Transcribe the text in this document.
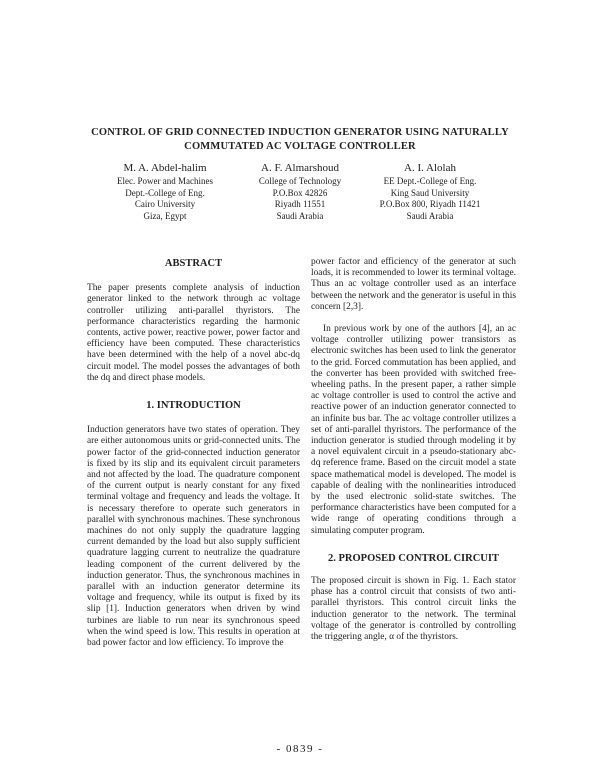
CONTROL OF GRID CONNECTED INDUCTION GENERATOR USING NATURALLY
COMMUTATED AC VOLTAGE CONTROLLER
M. A. Abdel-halim
Elec. Power and Machines
Dept.-College of Eng.
Cairo University
Giza, Egypt
A. F. Almarshoud
College of Technology
P.O.Box 42826
Riyadh 11551
Saudi Arabia
A. I. Alolah
EE Dept.-College of Eng.
King Saud University
P.O.Box 800, Riyadh 11421
Saudi Arabia

ABSTRACT

The paper presents complete analysis of induction generator linked to the network through ac voltage controller utilizing anti-parallel thyristors. The performance characteristics regarding the harmonic contents, active power, reactive power, power factor and efficiency have been computed. These characteristics have been determined with the help of a novel abc-dq circuit model. The model posses the advantages of both the dq and direct phase models.

1. INTRODUCTION

Induction generators have two states of operation. They are either autonomous units or grid-connected units. The power factor of the grid-connected induction generator is fixed by its slip and its equivalent circuit parameters and not affected by the load. The quadrature component of the current output is nearly constant for any fixed terminal voltage and frequency and leads the voltage. It is necessary therefore to operate such generators in parallel with synchronous machines. These synchronous machines do not only supply the quadrature lagging current demanded by the load but also supply sufficient quadrature lagging current to neutralize the quadrature leading component of the current delivered by the induction generator. Thus, the synchronous machines in parallel with an induction generator determine its voltage and frequency, while its output is fixed by its slip [1]. Induction generators when driven by wind turbines are liable to run near its synchronous speed when the wind speed is low. This results in operation at bad power factor and low efficiency. To improve the

power factor and efficiency of the generator at such loads, it is recommended to lower its terminal voltage. Thus an ac voltage controller used as an interface between the network and the generator is useful in this concern [2,3].

In previous work by one of the authors [4], an ac voltage controller utilizing power transistors as electronic switches has been used to link the generator to the grid. Forced commutation has been applied, and the converter has been provided with switched free-wheeling paths. In the present paper, a rather simple ac voltage controller is used to control the active and reactive power of an induction generator connected to an infinite bus bar. The ac voltage controller utilizes a set of anti-parallel thyristors. The performance of the induction generator is studied through modeling it by a novel equivalent circuit in a pseudo-stationary abc-dq reference frame. Based on the circuit model a state space mathematical model is developed. The model is capable of dealing with the nonlinearities introduced by the used electronic solid-state switches. The performance characteristics have been computed for a wide range of operating conditions through a simulating computer program.

2. PROPOSED CONTROL CIRCUIT

The proposed circuit is shown in Fig. 1. Each stator phase has a control circuit that consists of two anti-parallel thyristors. This control circuit links the induction generator to the network. The terminal voltage of the generator is controlled by controlling the triggering angle, α of the thyristors.

- 0839 -
